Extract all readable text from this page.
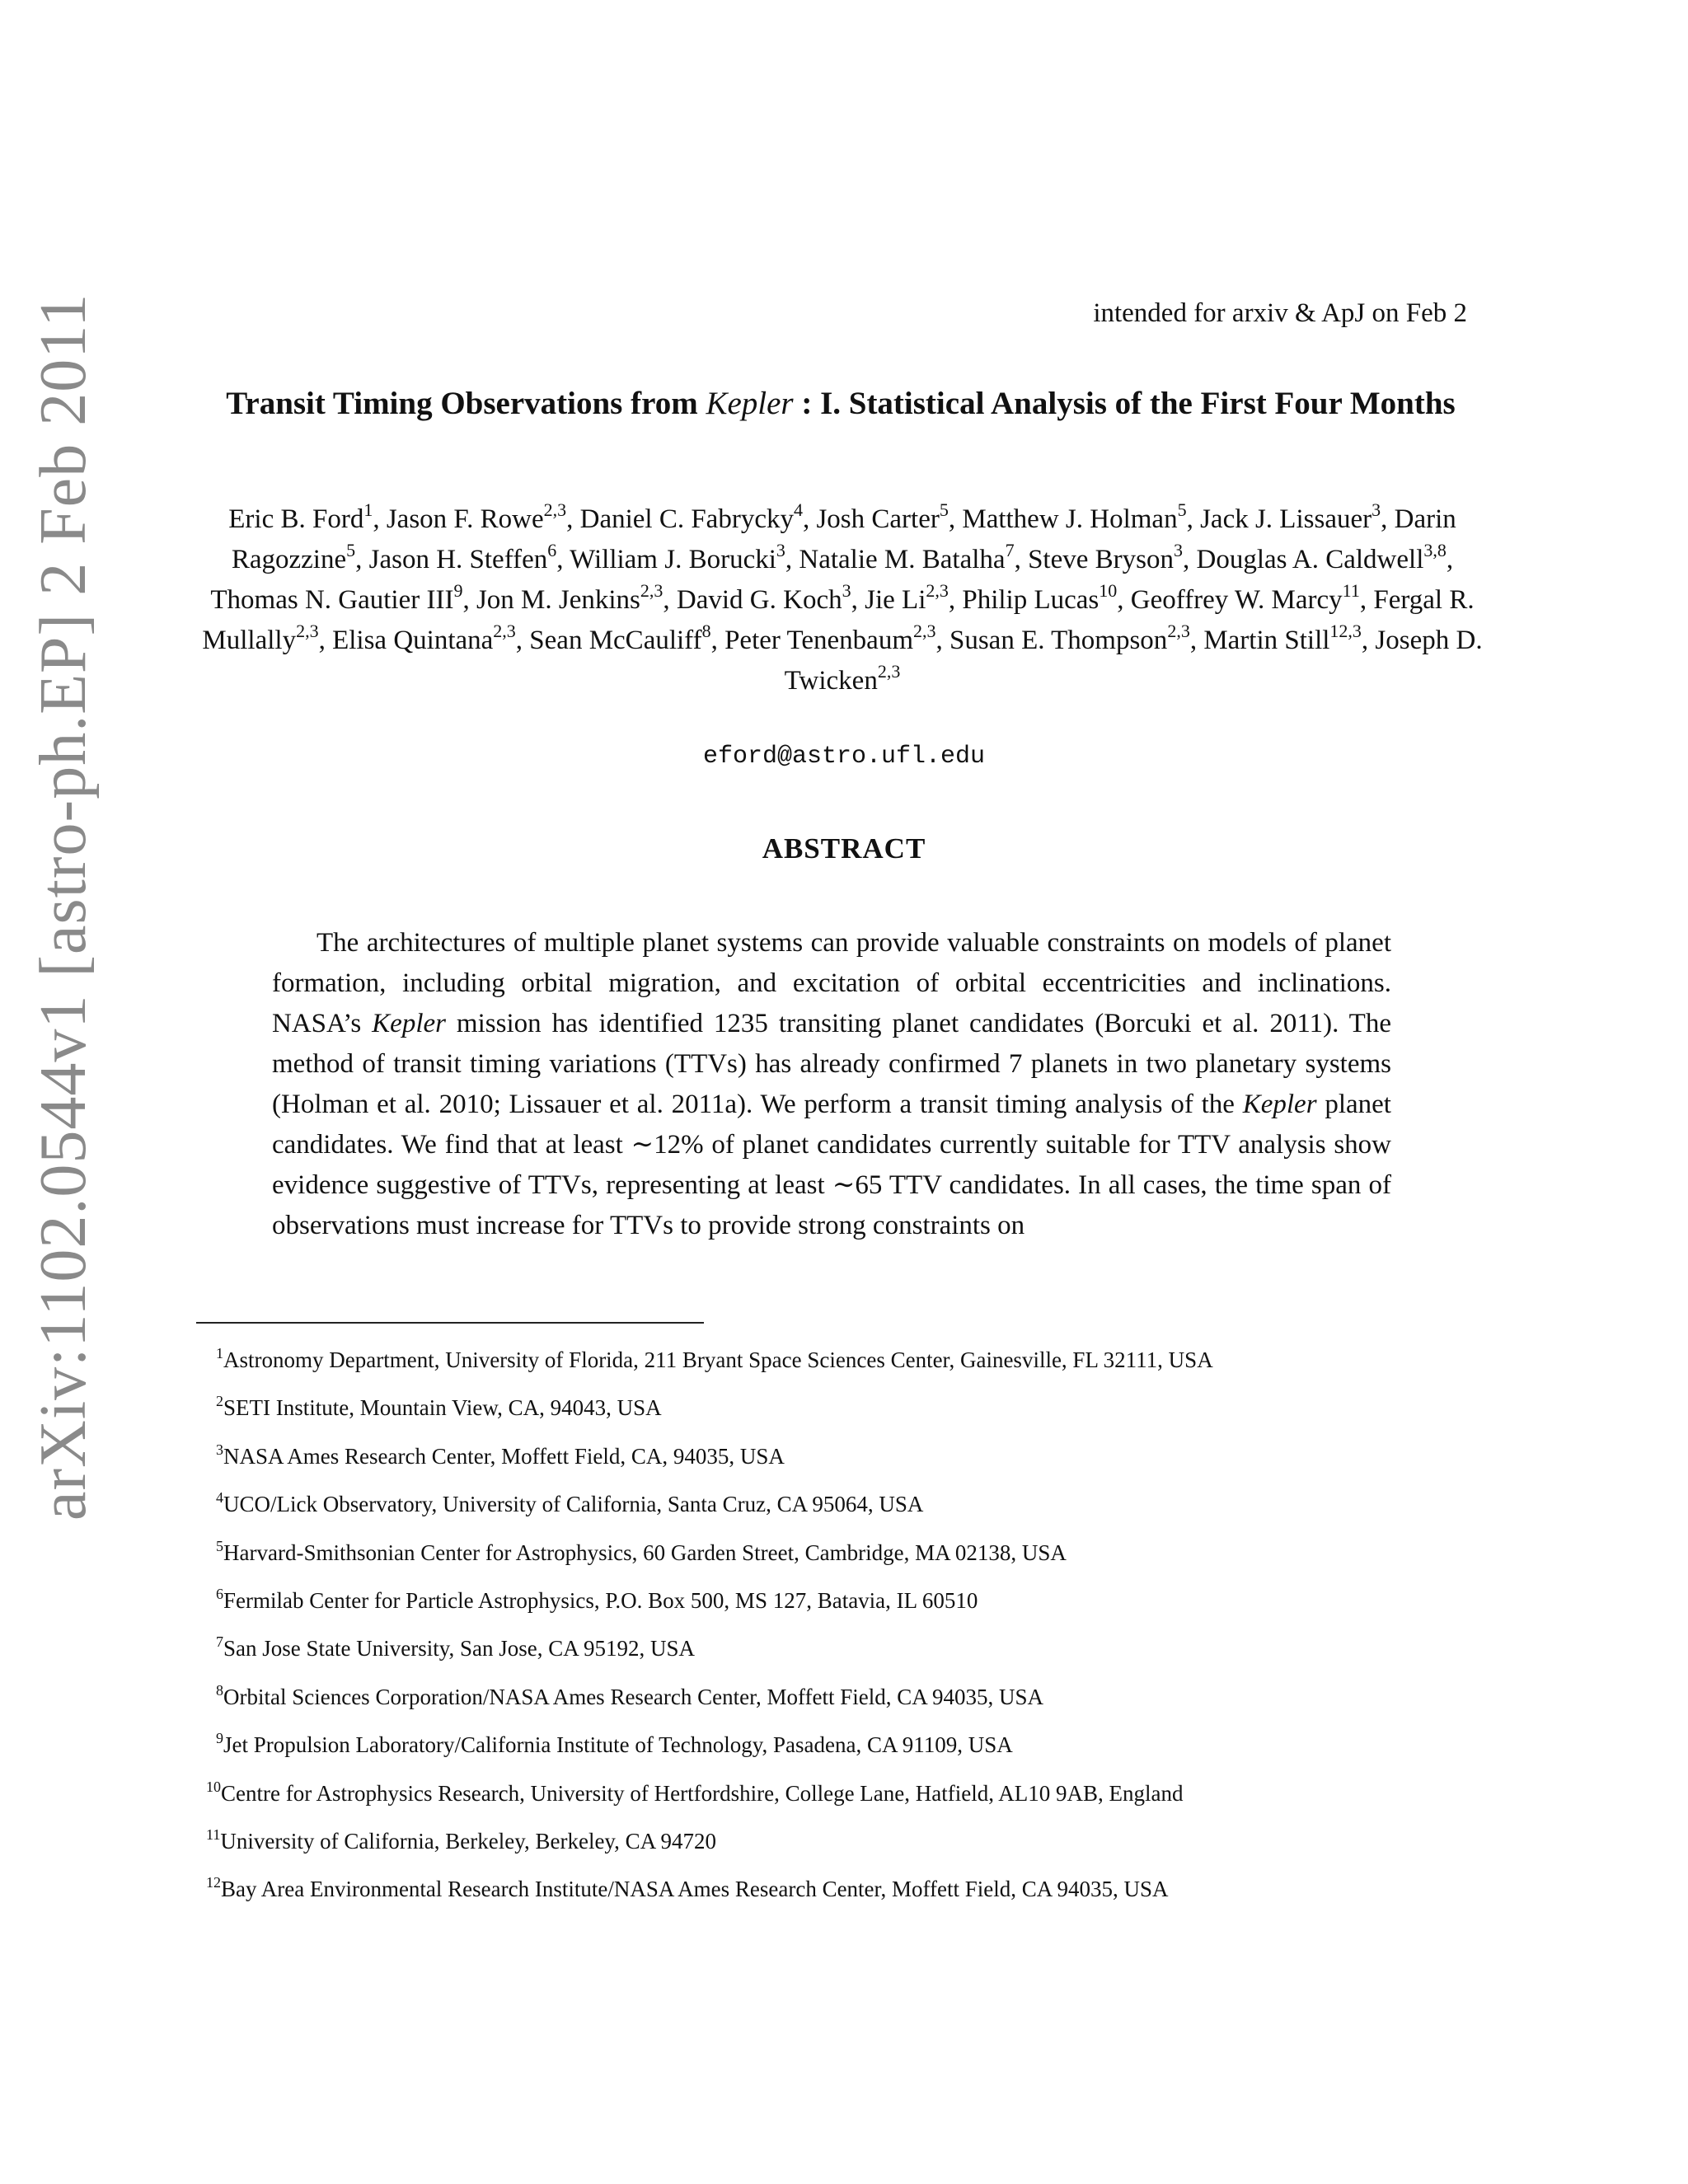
arXiv:1102.0544v1 [astro-ph.EP] 2 Feb 2011	intended for arxiv & ApJ on Feb 2
Transit Timing Observations from Kepler : I. Statistical Analysis of the First Four Months
Eric B. Ford$^1$, Jason F. Rowe$^{2,3}$, Daniel C. Fabrycky$^4$, Josh Carter$^5$, Matthew J. Holman$^5$, Jack J. Lissauer$^3$, Darin Ragozzine$^5$, Jason H. Steffen$^6$, William J. Borucki$^3$, Natalie M. Batalha$^7$, Steve Bryson$^3$, Douglas A. Caldwell$^{3,8}$, Thomas N. Gautier III$^9$, Jon M. Jenkins$^{2,3}$, David G. Koch$^3$, Jie Li$^{2,3}$, Philip Lucas$^{10}$, Geoffrey W. Marcy$^{11}$, Fergal R. Mullally$^{2,3}$, Elisa Quintana$^{2,3}$, Sean McCauliff$^8$, Peter Tenenbaum$^{2,3}$, Susan E. Thompson$^{2,3}$, Martin Still$^{12,3}$, Joseph D. Twicken$^{2,3}$
eford@astro.ufl.edu
ABSTRACT
The architectures of multiple planet systems can provide valuable constraints on models of planet formation, including orbital migration, and excitation of orbital eccentricities and inclinations. NASA’s Kepler mission has identified 1235 transiting planet candidates (Borcuki et al. 2011). The method of transit timing variations (TTVs) has already confirmed 7 planets in two planetary systems (Holman et al. 2010; Lissauer et al. 2011a). We perform a transit timing analysis of the Kepler planet candidates. We find that at least ∼12% of planet candidates currently suitable for TTV analysis show evidence suggestive of TTVs, representing at least ∼65 TTV candidates. In all cases, the time span of observations must increase for TTVs to provide strong constraints on
$^1$Astronomy Department, University of Florida, 211 Bryant Space Sciences Center, Gainesville, FL 32111, USA
$^2$SETI Institute, Mountain View, CA, 94043, USA
$^3$NASA Ames Research Center, Moffett Field, CA, 94035, USA
$^4$UCO/Lick Observatory, University of California, Santa Cruz, CA 95064, USA
$^5$Harvard-Smithsonian Center for Astrophysics, 60 Garden Street, Cambridge, MA 02138, USA
$^6$Fermilab Center for Particle Astrophysics, P.O. Box 500, MS 127, Batavia, IL 60510
$^7$San Jose State University, San Jose, CA 95192, USA
$^8$Orbital Sciences Corporation/NASA Ames Research Center, Moffett Field, CA 94035, USA
$^9$Jet Propulsion Laboratory/California Institute of Technology, Pasadena, CA 91109, USA
$^{10}$Centre for Astrophysics Research, University of Hertfordshire, College Lane, Hatfield, AL10 9AB, England
$^{11}$University of California, Berkeley, Berkeley, CA 94720
$^{12}$Bay Area Environmental Research Institute/NASA Ames Research Center, Moffett Field, CA 94035, USA
